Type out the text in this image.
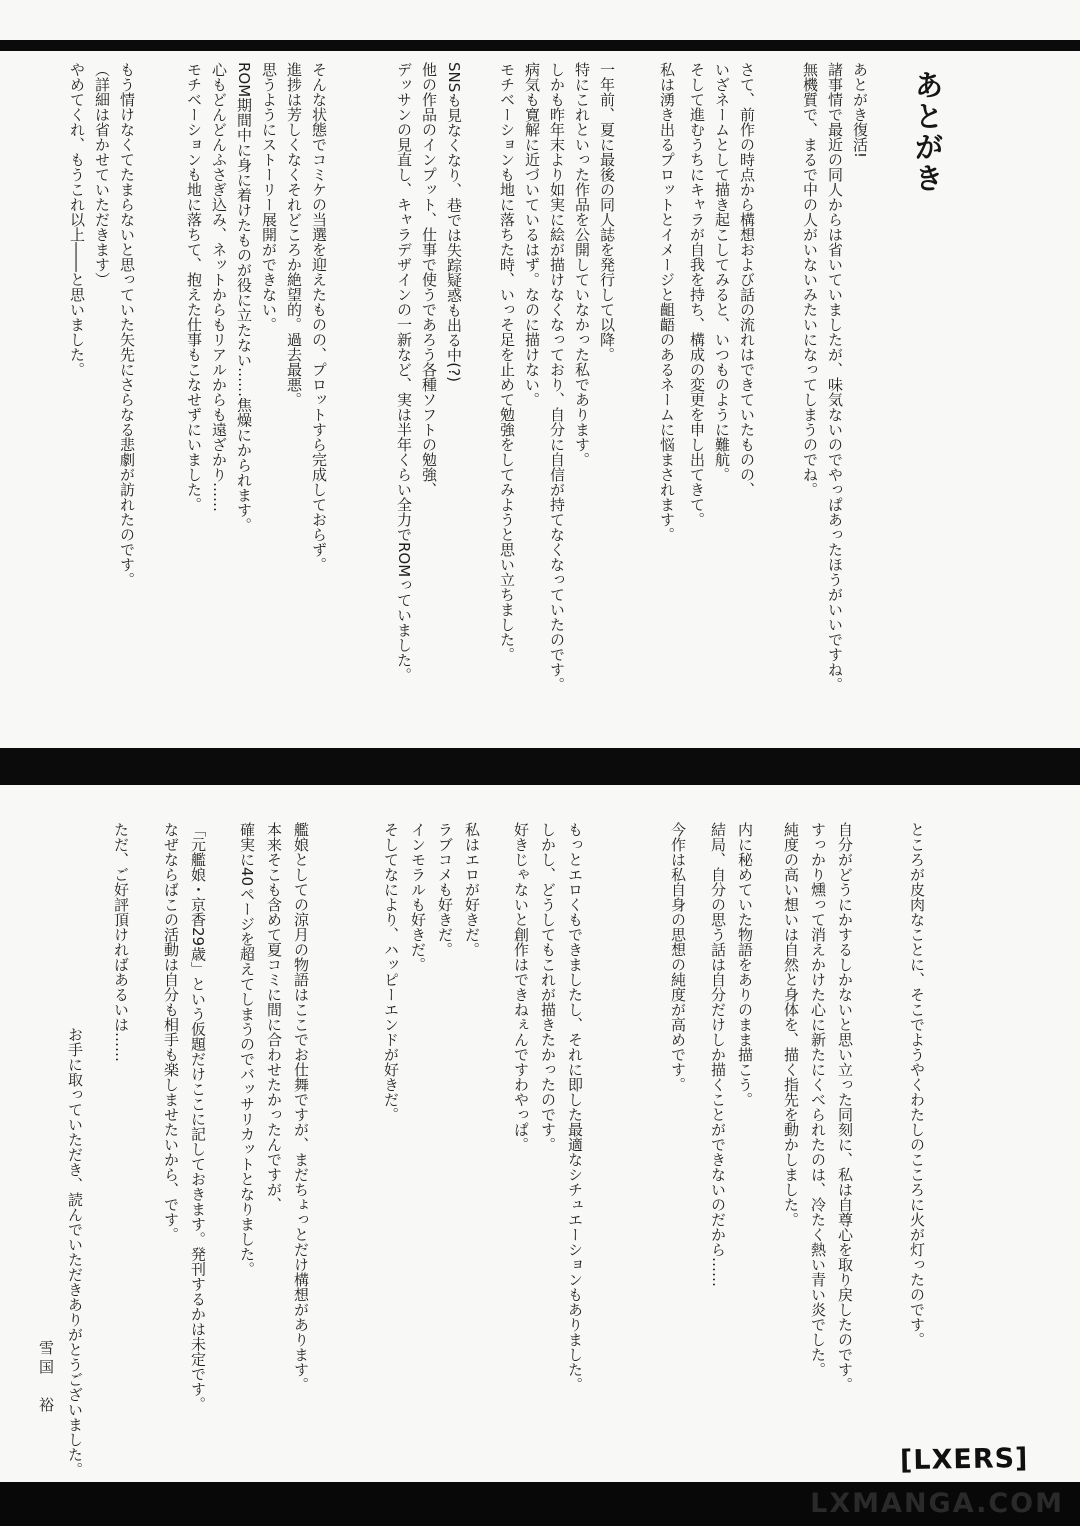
あとがき

あとがき復活!

諸事情で最近の同人からは省いていましたが、味気ないのでやっぱあったほうがいいですね。

無機質で、まるで中の人がいないみたいになってしまうのでね。

さて、前作の時点から構想および話の流れはできていたものの、

いざネームとして描き起こしてみると、いつものように難航。

そして進むうちにキャラが自我を持ち、構成の変更を申し出てきて。

私は湧き出るプロットとイメージと齟齬のあるネームに悩まされます。

一年前、夏に最後の同人誌を発行して以降。

特にこれといった作品を公開していなかった私であります。

しかも昨年末より如実に絵が描けなくなっており、自分に自信が持てなくなっていたのです。

病気も寛解に近づいているはず。なのに描けない。

モチベーションも地に落ちた時、いっそ足を止めて勉強をしてみようと思い立ちました。

SNSも見なくなり、巷では失踪疑惑も出る中(?)

他の作品のインプット、仕事で使うであろう各種ソフトの勉強、

デッサンの見直し、キャラデザインの一新など、実は半年くらい全力でROMっていました。

そんな状態でコミケの当選を迎えたものの、プロットすら完成しておらず。

進捗は芳しくなくそれどころか絶望的。過去最悪。

思うようにストーリー展開ができない。

ROM期間中に身に着けたものが役に立たない……焦燥にかられます。

心もどんどんふさぎ込み、ネットからもリアルからも遠ざかり……

モチベーションも地に落ちて、抱えた仕事もこなせずにいました。

もう情けなくてたまらないと思っていた矢先にさらなる悲劇が訪れたのです。

（詳細は省かせていただきます）

やめてくれ、もうこれ以上――と思いました。

ところが皮肉なことに、そこでようやくわたしのこころに火が灯ったのです。

自分がどうにかするしかないと思い立った同刻に、私は自尊心を取り戻したのです。

すっかり燻って消えかけた心に新たにくべられたのは、冷たく熱い青い炎でした。

純度の高い想いは自然と身体を、描く指先を動かしました。

内に秘めていた物語をありのまま描こう。

結局、自分の思う話は自分だけしか描くことができないのだから……

今作は私自身の思想の純度が高めです。

もっとエロくもできましたし、それに即した最適なシチュエーションもありました。

しかし、どうしてもこれが描きたかったのです。

好きじゃないと創作はできねぇんですわやっぱ。

私はエロが好きだ。

ラブコメも好きだ。

インモラルも好きだ。

そしてなにより、ハッピーエンドが好きだ。

艦娘としての涼月の物語はここでお仕舞ですが、まだちょっとだけ構想があります。

本来そこも含めて夏コミに間に合わせたかったんですが、

確実に40ページを超えてしまうのでバッサリカットとなりました。

「元艦娘・京香29歳」という仮題だけここに記しておきます。発刊するかは未定です。

なぜならばこの活動は自分も相手も楽しませたいから、です。

ただ、ご好評頂ければあるいは……

お手に取っていただき、読んでいただきありがとうございました。

雪国　裕

[LXERS]
LXMANGA.COM
